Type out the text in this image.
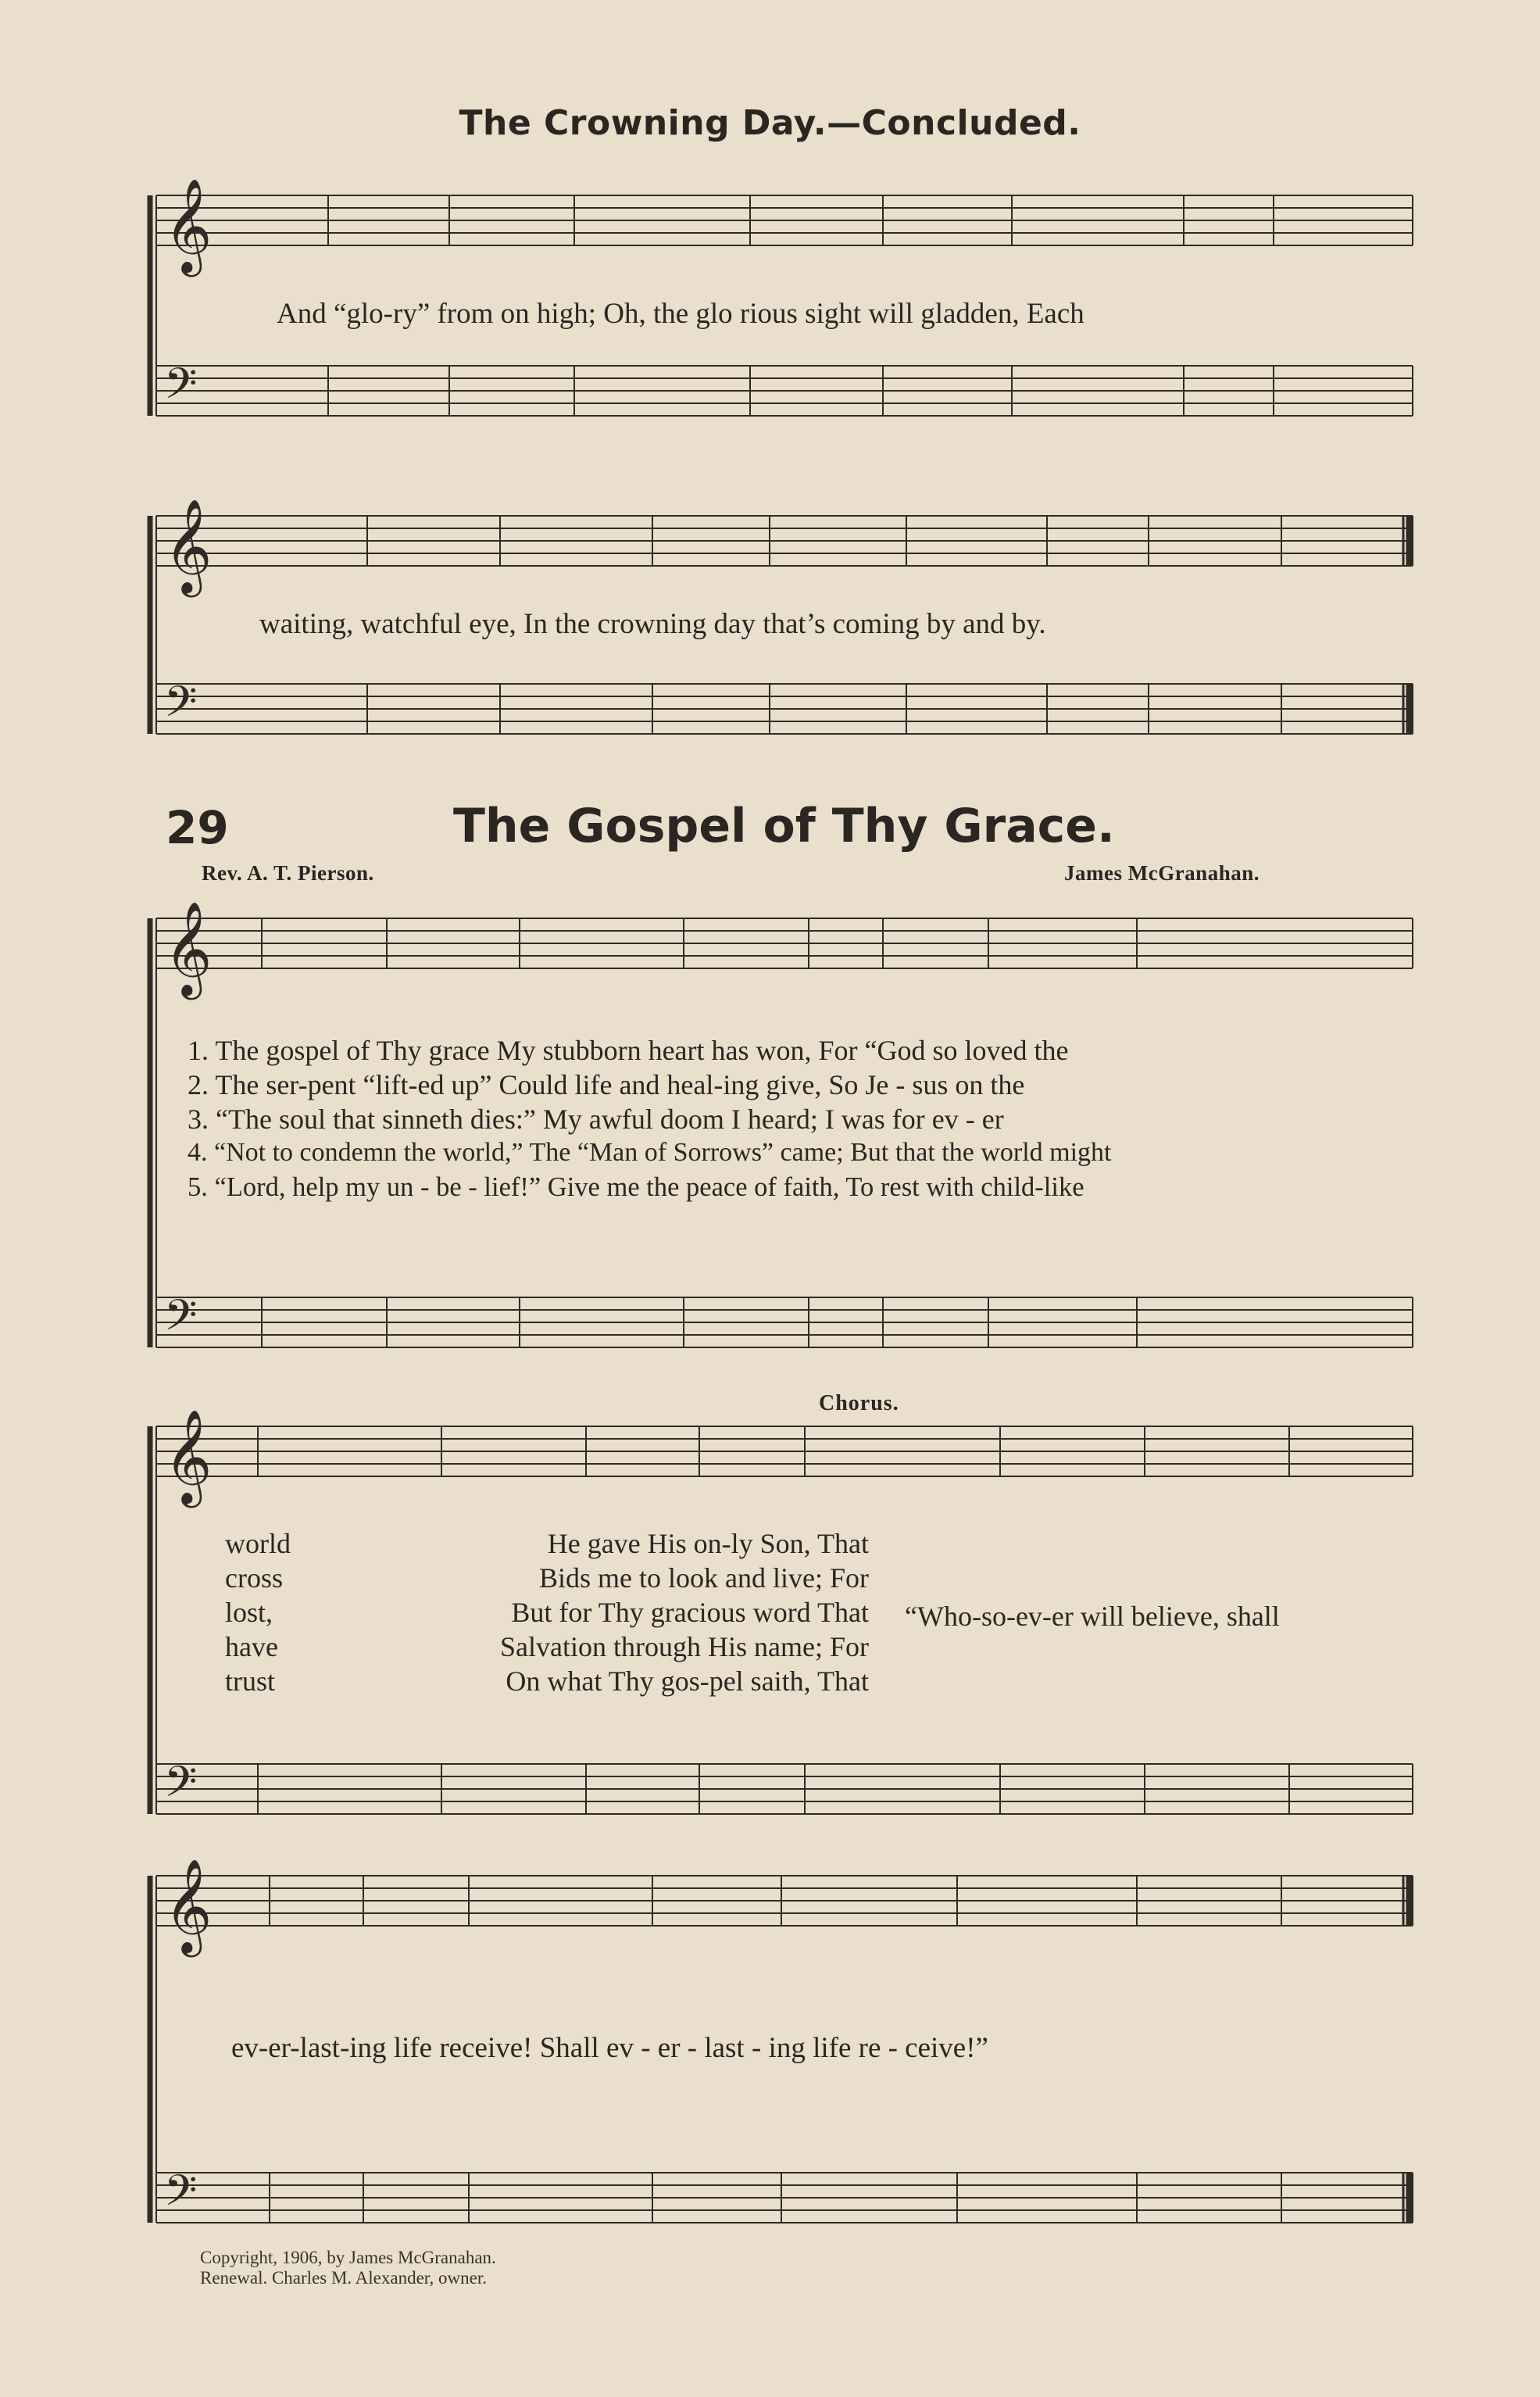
𝄞
𝄢
𝄞
𝄢
𝄞
𝄢
𝄞
𝄢
𝄞
𝄢
The Crowning Day.—Concluded.
And “glo-ry” from on high; Oh, the glo rious sight will gladden, Each
waiting, watchful eye, In the crowning day that’s coming by and by.
29	The Gospel of Thy Grace.
Rev. A. T. Pierson.	James McGranahan.
1. The gospel of Thy grace My stubborn heart has won, For “God so loved the
2. The ser-pent “lift-ed up” Could life and heal-ing give, So Je - sus on the
3. “The soul that sinneth dies:” My awful doom I heard; I was for ev - er
4. “Not to condemn the world,” The “Man of Sorrows” came; But that the world might
5. “Lord, help my un - be - lief!” Give me the peace of faith, To rest with child-like
Chorus.
world
cross
lost,
have
trust
He gave His on-ly Son, That
Bids me to look and live; For
But for Thy gracious word That
Salvation through His name; For
On what Thy gos-pel saith, That
“Who-so-ev-er will believe, shall
ev-er-last-ing life receive! Shall ev - er - last - ing life re - ceive!”
Copyright, 1906, by James McGranahan.
Renewal. Charles M. Alexander, owner.
